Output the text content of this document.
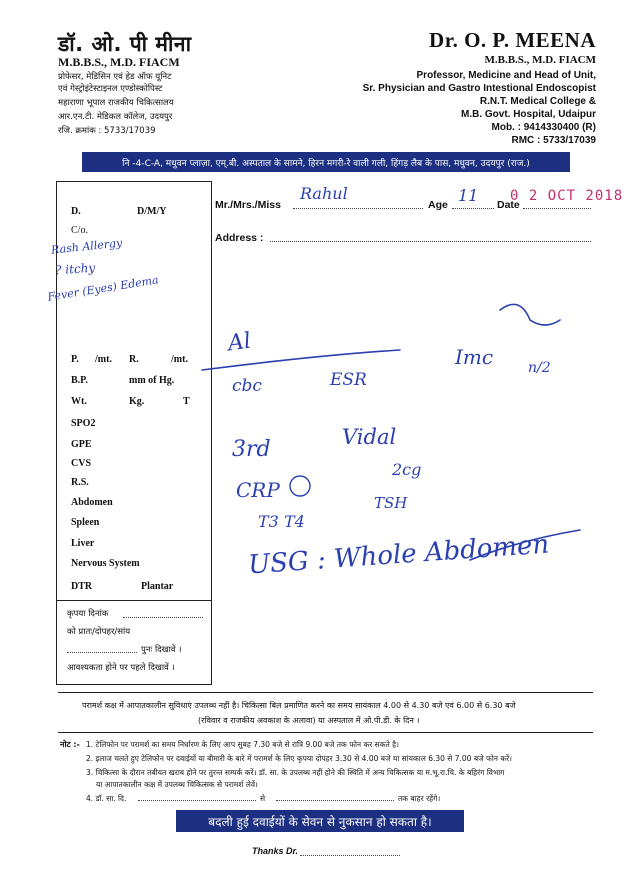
डॉ. ओ. पी मीना
M.B.B.S., M.D. FIACM
प्रोफेसर, मेडिसिन एवं हेड ऑफ यूनिट
एवं गेस्ट्रोइंटेस्टाइनल एण्डोस्कोपिस्ट
महाराणा भूपाल राजकीय चिकित्सालय
आर.एन.टी. मेडिकल कॉलेज, उदयपुर
रजि. क्रमांक : 5733/17039
Dr. O. P. MEENA
M.B.B.S., M.D. FIACM
Professor, Medicine and Head of Unit,
Sr. Physician and Gastro Intestional Endoscopist
R.N.T. Medical College &
M.B. Govt. Hospital, Udaipur
Mob. : 9414330400 (R)
RMC : 5733/17039
नि -4-C-A, मधुवन प्लाज़ा, एम्.बी. अस्पताल के सामने, हिरन मगरी-रे वाली गली, हिंगड़ लैब के पास, मधुवन, उदयपुर (राज.)
Mr./Mrs./Miss
Rahul
Age 11 Date
0 2 OCT 2018
Address :
D.	D/M/Y
C/o.
Rash Allergy
? itchy
Fever (Eyes) Edema
P. /mt. R.	/mt.
B.P.	mm of Hg.
Wt.	Kg.	T
SPO2
GPE
CVS
R.S.
Abdomen
Spleen
Liver
Nervous System
DTR	Plantar
कृपया दिनांक
को प्रातः/दोपहर/सांय
पुनः दिखावें ।
आवश्यकता होने पर पहले दिखावें ।
Al
Imc
cbc	ESR
n/2
3rd	Vidal
2cg
CRP
TSH
T3 T4
USG : Whole Abdomen
परामर्श कक्ष में आपातकालीन सुविधाएं उपलब्ध नहीं है। चिकित्सा बिल प्रमाणित करने का समय सायंकाल 4.00 से 4.30 बजे एवं 6.00 से 6.30 बजे
(रविवार व राजकीय अवकाश के अलावा) या अस्पताल में ओ.पी.डी. के दिन ।
नोट :- 1. टेलिफोन पर परामर्श का समय निर्धारण के लिए आप सुबह 7.30 बजे से रात्रि 9.00 बजे तक फोन कर सकते है।
2. इलाज चलते हुए टेलिफोन पर दवाईयों या बीमारी के बारे में परामर्श के लिए कृपया दोपहर 3.30 से 4.00 बजे या सांयकाल 6.30 से 7.00 बजे फोन करें।
3. चिकित्सा के दौरान तबीयत खराब होने पर तुरन्त सम्पर्क करें। डॉ. सा. के उपलब्ध नहीं होने की स्थिति में अन्य चिकित्सक या म.भू.रा.चि. के बहिरंग विभाग
या आपातकालीन कक्ष में उपलब्ध चिकित्सक से परामर्श लेवें।
4. डॉ. सा. दि.	से	तक बाहर रहेंगे।
बदली हुई दवाईयों के सेवन से नुकसान हो सकता है।
Thanks Dr.
